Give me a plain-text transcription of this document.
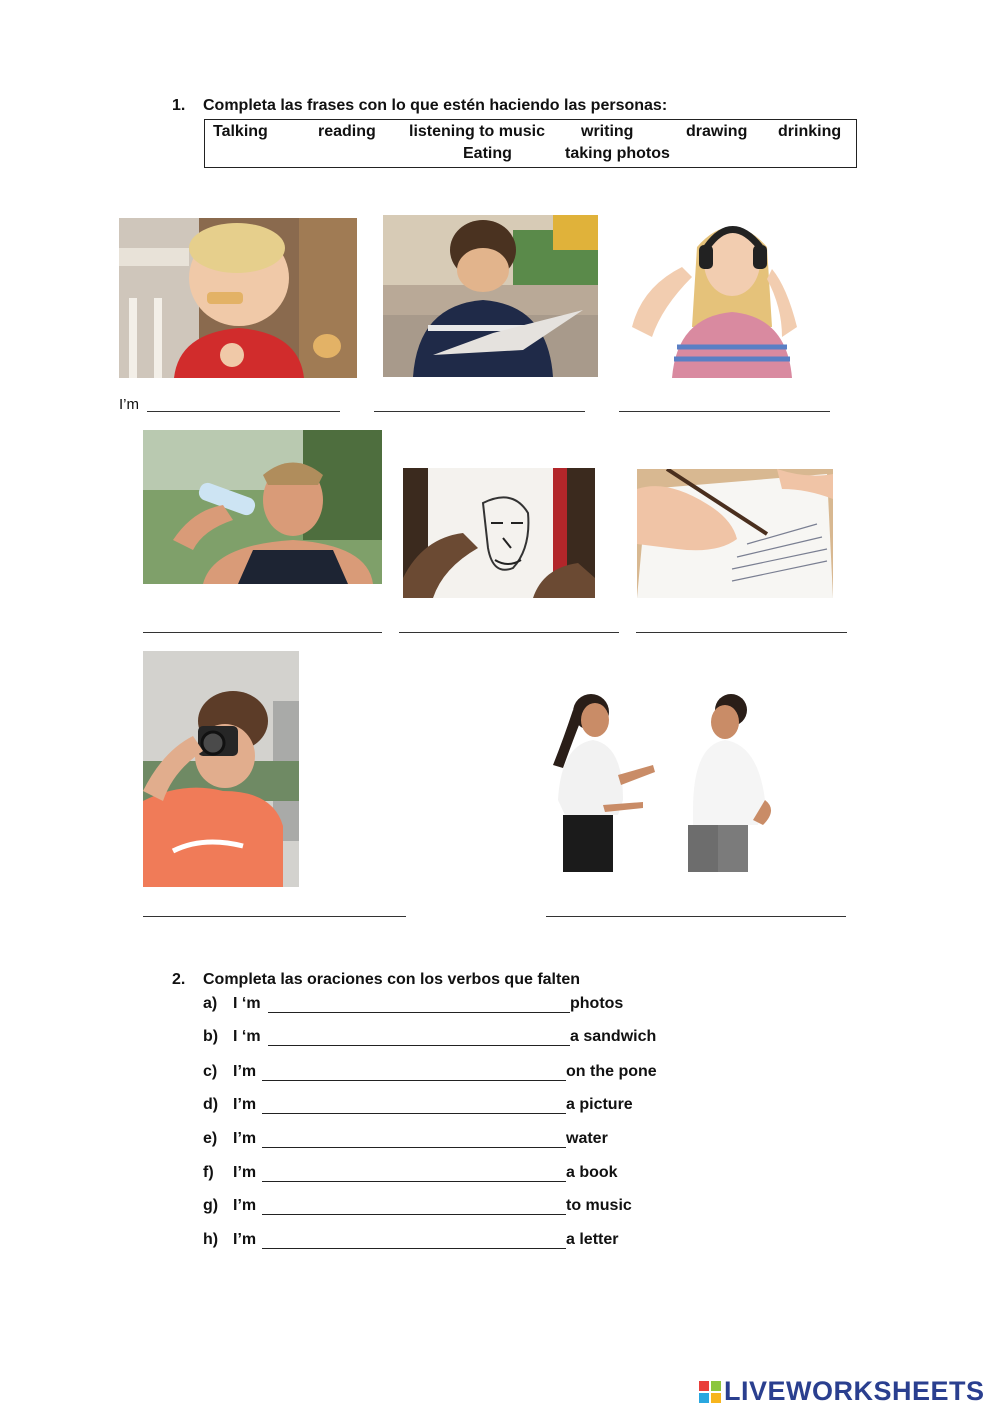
1. Completa las frases con lo que estén haciendo las personas:
Talking	reading listening to music writing	drawing drinking
Eating	taking photos
I’m
2. Completa las oraciones con los verbos que falten
a) I ‘m	photos
b) I ‘m	a sandwich
c) I’m	on the pone
d) I’m	a picture
e) I’m	water
f) I’m	a book
g) I’m	to music
h) I’m	a letter
LIVEWORKSHEETS
